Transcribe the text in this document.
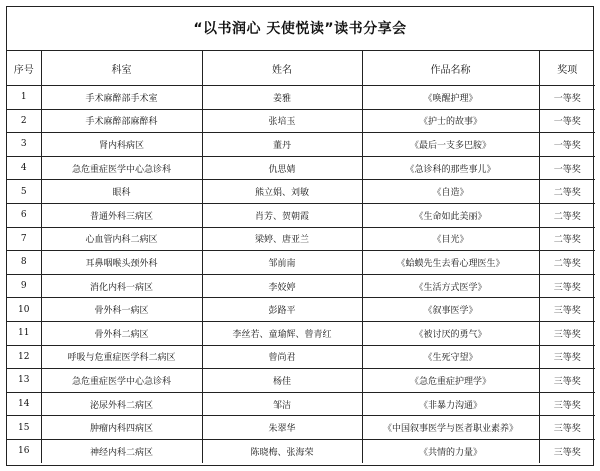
“以书润心 天使悦读”读书分享会
序号	科室	姓名	作品名称	奖项
1	手术麻醉部手术室	姜雅	《唤醒护理》	一等奖
2	手术麻醉部麻醉科	张培玉	《护士的故事》	一等奖
3	肾内科病区	董丹	《最后一支多巴胺》	一等奖
4	急危重症医学中心急诊科	仇思婧	《急诊科的那些事儿》	一等奖
5	眼科	熊立娟、刘敏	《自造》	二等奖
6	普通外科三病区	肖芳、贺朝霞	《生命如此美丽》	二等奖
7	心血管内科二病区	梁婷、唐亚兰	《目光》	二等奖
8	耳鼻咽喉头颈外科	邹前南	《蛤蟆先生去看心理医生》	二等奖
9	消化内科一病区	李姣婷	《生活方式医学》	三等奖
10	骨外科一病区	彭路平	《叙事医学》	三等奖
11	骨外科二病区	李丝若、童瑜辉、曾青红	《被讨厌的勇气》	三等奖
12	呼吸与危重症医学科二病区	曾尚君	《生死守望》	三等奖
13	急危重症医学中心急诊科	杨佳	《急危重症护理学》	三等奖
14	泌尿外科二病区	邹洁	《非暴力沟通》	三等奖
15	肿瘤内科四病区	朱翠华	《中国叙事医学与医者职业素养》	三等奖
16	神经内科二病区	陈晓梅、张海荣	《共情的力量》	三等奖
